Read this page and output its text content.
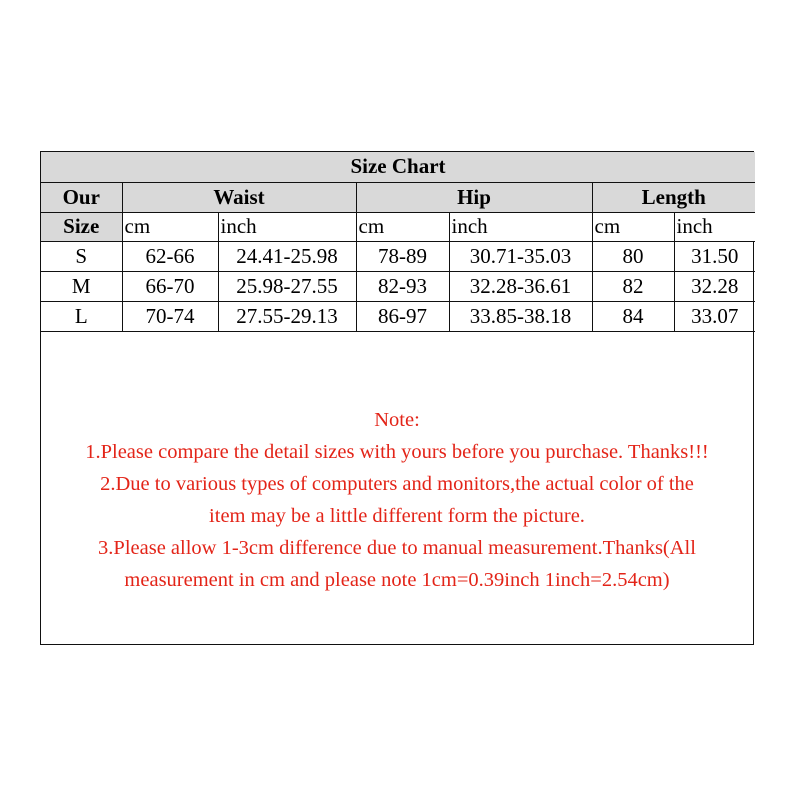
Size Chart						
Our	Waist		Hip		Length	
Size	cm	inch	cm	inch	cm	inch
S	62-66	24.41-25.98	78-89	30.71-35.03	80	31.50
M	66-70	25.98-27.55	82-93	32.28-36.61	82	32.28
L	70-74	27.55-29.13	86-97	33.85-38.18	84	33.07
Note:
1.Please compare the detail sizes with yours before you purchase. Thanks!!!
2.Due to various types of computers and monitors,the actual color of the
item may be a little different form the picture.
3.Please allow 1-3cm difference due to manual measurement.Thanks(All
measurement in cm and please note 1cm=0.39inch 1inch=2.54cm)
